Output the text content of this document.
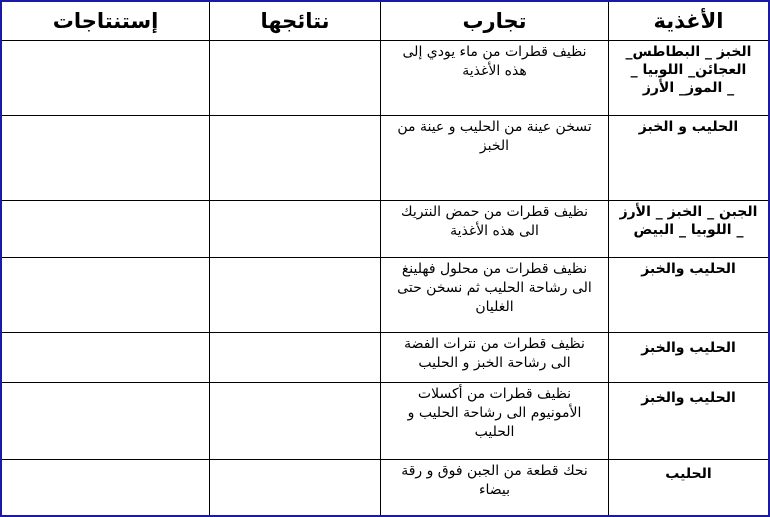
الأغذية
تجارب
نتائجها
إستنتاجات
الخبز _ البطاطس_
العجائن_ اللوبيا _
_ الموز_ الأرز
نظيف قطرات من ماء يودي إلى
هذه الأغذية
الحليب و الخبز
تسخن عينة من الحليب و عينة من
الخبز
الجبن _ الخبز _ الأرز
_ اللوبيا _ البيض
نظيف قطرات من حمض النتريك
الى هذه الأغذية
الحليب والخبز
نظيف قطرات من محلول فهلينغ
الى رشاحة الحليب ثم نسخن حتى
الغليان
الحليب والخبز
نظيف قطرات من نترات الفضة
الى رشاحة الخبز و الحليب
الحليب والخبز
نظيف قطرات من أكسلات
الأمونيوم الى رشاحة الحليب و
الحليب
الحليب
نحك قطعة من الجبن فوق و رقة
بيضاء
